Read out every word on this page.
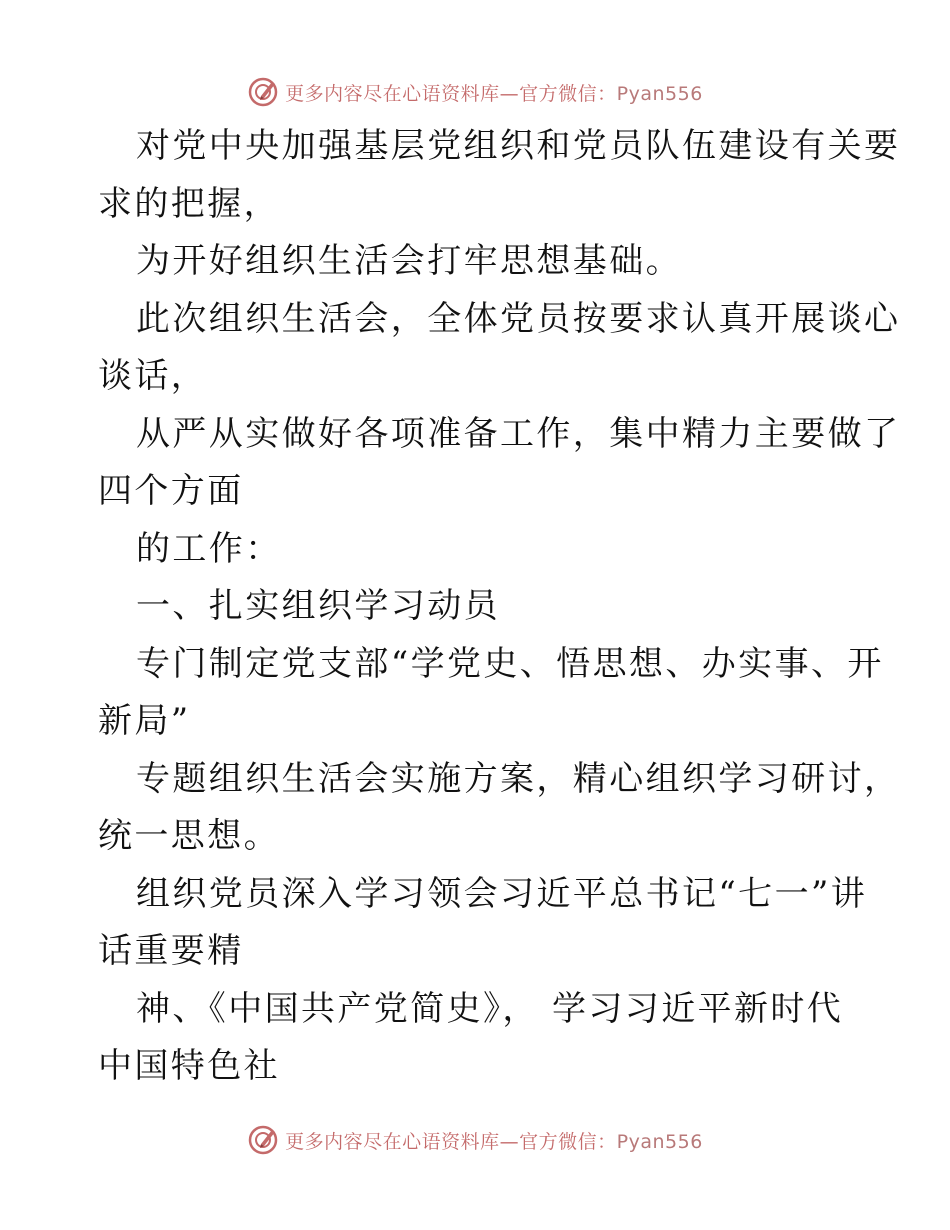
更多内容尽在心语资料库—官方微信：Pyan556
对党中央加强基层党组织和党员队伍建设有关要
求的把握，
为开好组织生活会打牢思想基础。
此次组织生活会，全体党员按要求认真开展谈心
谈话，
从严从实做好各项准备工作，集中精力主要做了
四个方面
的工作：
一、扎实组织学习动员
专门制定党支部“学党史、悟思想、办实事、开
新局”
专题组织生活会实施方案，精心组织学习研讨，
统一思想。
组织党员深入学习领会习近平总书记“七一”讲
话重要精
神、《中国共产党简史》， 学习习近平新时代
中国特色社
更多内容尽在心语资料库—官方微信：Pyan556
